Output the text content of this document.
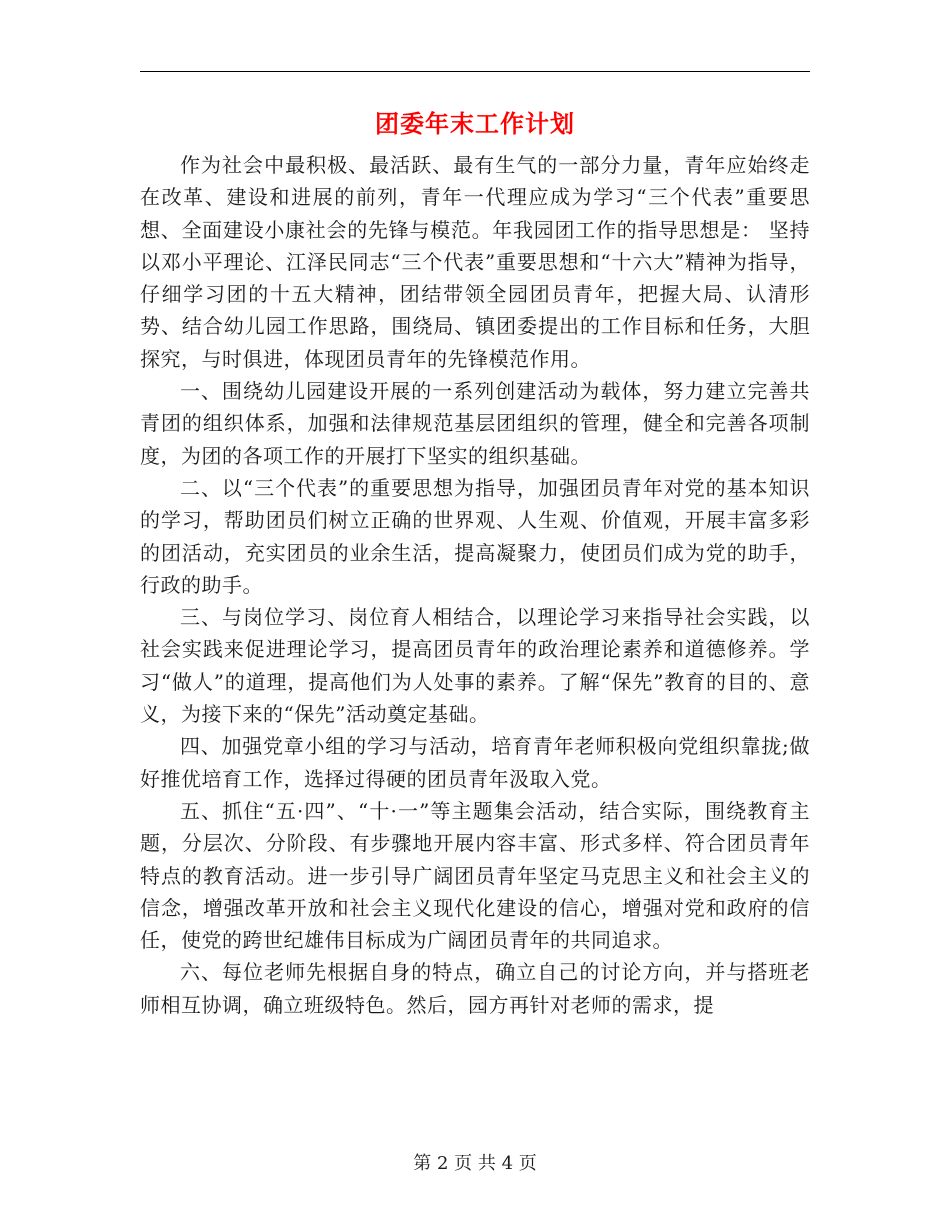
团委年末工作计划

作为社会中最积极、最活跃、最有生气的一部分力量，青年应始终走在改革、建设和进展的前列，青年一代理应成为学习“三个代表”重要思想、全面建设小康社会的先锋与模范。年我园团工作的指导思想是： 坚持以邓小平理论、江泽民同志“三个代表”重要思想和“十六大”精神为指导，仔细学习团的十五大精神，团结带领全园团员青年，把握大局、认清形势、结合幼儿园工作思路，围绕局、镇团委提出的工作目标和任务，大胆探究，与时俱进，体现团员青年的先锋模范作用。

一、围绕幼儿园建设开展的一系列创建活动为载体，努力建立完善共青团的组织体系，加强和法律规范基层团组织的管理，健全和完善各项制度，为团的各项工作的开展打下坚实的组织基础。

二、以“三个代表”的重要思想为指导，加强团员青年对党的基本知识的学习，帮助团员们树立正确的世界观、人生观、价值观，开展丰富多彩的团活动，充实团员的业余生活，提高凝聚力，使团员们成为党的助手，行政的助手。

三、与岗位学习、岗位育人相结合，以理论学习来指导社会实践，以社会实践来促进理论学习，提高团员青年的政治理论素养和道德修养。学习“做人”的道理，提高他们为人处事的素养。了解“保先”教育的目的、意义，为接下来的“保先”活动奠定基础。

四、加强党章小组的学习与活动，培育青年老师积极向党组织靠拢;做好推优培育工作，选择过得硬的团员青年汲取入党。

五、抓住“五·四”、“十·一”等主题集会活动，结合实际，围绕教育主题，分层次、分阶段、有步骤地开展内容丰富、形式多样、符合团员青年特点的教育活动。进一步引导广阔团员青年坚定马克思主义和社会主义的信念，增强改革开放和社会主义现代化建设的信心，增强对党和政府的信任，使党的跨世纪雄伟目标成为广阔团员青年的共同追求。

六、每位老师先根据自身的特点，确立自己的讨论方向，并与搭班老师相互协调，确立班级特色。然后，园方再针对老师的需求，提

第 2 页 共 4 页
